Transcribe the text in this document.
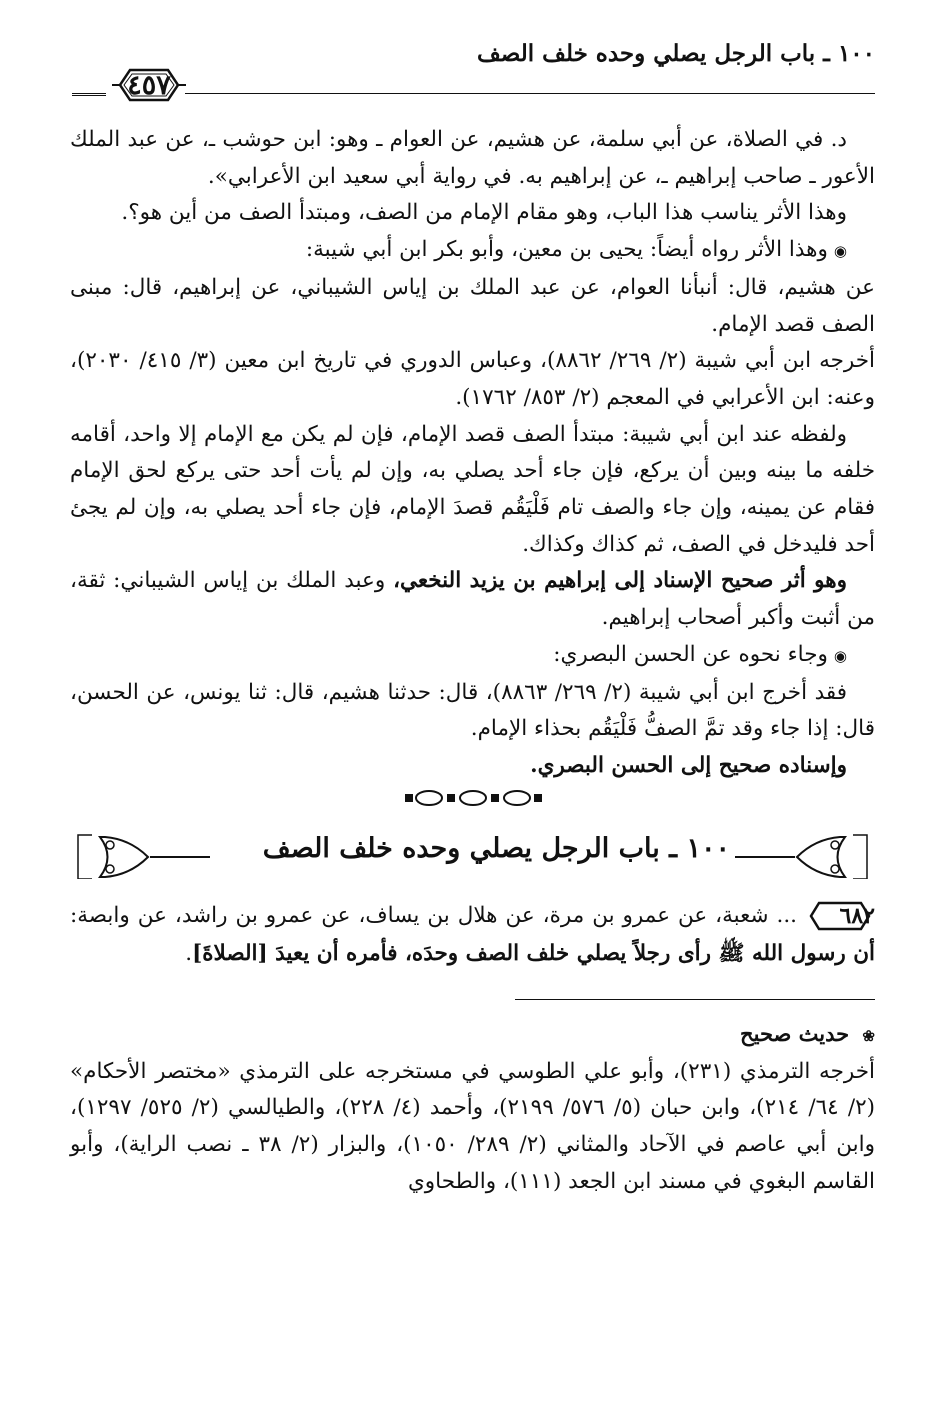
١٠٠ ـ باب الرجل يصلي وحده خلف الصف
٤٥٧

د. في الصلاة، عن أبي سلمة، عن هشيم، عن العوام ـ وهو: ابن حوشب ـ، عن عبد الملك الأعور ـ صاحب إبراهيم ـ، عن إبراهيم به. في رواية أبي سعيد ابن الأعرابي».

وهذا الأثر يناسب هذا الباب، وهو مقام الإمام من الصف، ومبتدأ الصف من أين هو؟.

◉وهذا الأثر رواه أيضاً: يحيى بن معين، وأبو بكر ابن أبي شيبة:

عن هشيم، قال: أنبأنا العوام، عن عبد الملك بن إياس الشيباني، عن إبراهيم، قال: مبنى الصف قصد الإمام.

أخرجه ابن أبي شيبة (٢/ ٢٦٩/ ٨٨٦٢)، وعباس الدوري في تاريخ ابن معين (٣/ ٤١٥/ ٢٠٣٠)، وعنه: ابن الأعرابي في المعجم (٢/ ٨٥٣/ ١٧٦٢).

ولفظه عند ابن أبي شيبة: مبتدأ الصف قصد الإمام، فإن لم يكن مع الإمام إلا واحد، أقامه خلفه ما بينه وبين أن يركع، فإن جاء أحد يصلي به، وإن لم يأت أحد حتى يركع لحق الإمام فقام عن يمينه، وإن جاء والصف تام فَلْيَقُم قصدَ الإمام، فإن جاء أحد يصلي به، وإن لم يجئ أحد فليدخل في الصف، ثم كذاك وكذاك.

وهو أثر صحيح الإسناد إلى إبراهيم بن يزيد النخعي، وعبد الملك بن إياس الشيباني: ثقة، من أثبت وأكبر أصحاب إبراهيم.

◉وجاء نحوه عن الحسن البصري:

فقد أخرج ابن أبي شيبة (٢/ ٢٦٩/ ٨٨٦٣)، قال: حدثنا هشيم، قال: ثنا يونس، عن الحسن، قال: إذا جاء وقد تمَّ الصفُّ فَلْيَقُم بحذاء الإمام.

وإسناده صحيح إلى الحسن البصري.

١٠٠ ـ باب الرجل يصلي وحده خلف الصف

٦٨٢... شعبة، عن عمرو بن مرة، عن هلال بن يساف، عن عمرو بن راشد، عن وابصة: أن رسول الله ﷺ رأى رجلاً يصلي خلف الصف وحدَه، فأمره أن يعيدَ [الصلاةَ].

❀ حديث صحيح

أخرجه الترمذي (٢٣١)، وأبو علي الطوسي في مستخرجه على الترمذي «مختصر الأحكام» (٢/ ٦٤/ ٢١٤)، وابن حبان (٥/ ٥٧٦/ ٢١٩٩)، وأحمد (٤/ ٢٢٨)، والطيالسي (٢/ ٥٢٥/ ١٢٩٧)، وابن أبي عاصم في الآحاد والمثاني (٢/ ٢٨٩/ ١٠٥٠)، والبزار (٢/ ٣٨ ـ نصب الراية)، وأبو القاسم البغوي في مسند ابن الجعد (١١١)، والطحاوي
